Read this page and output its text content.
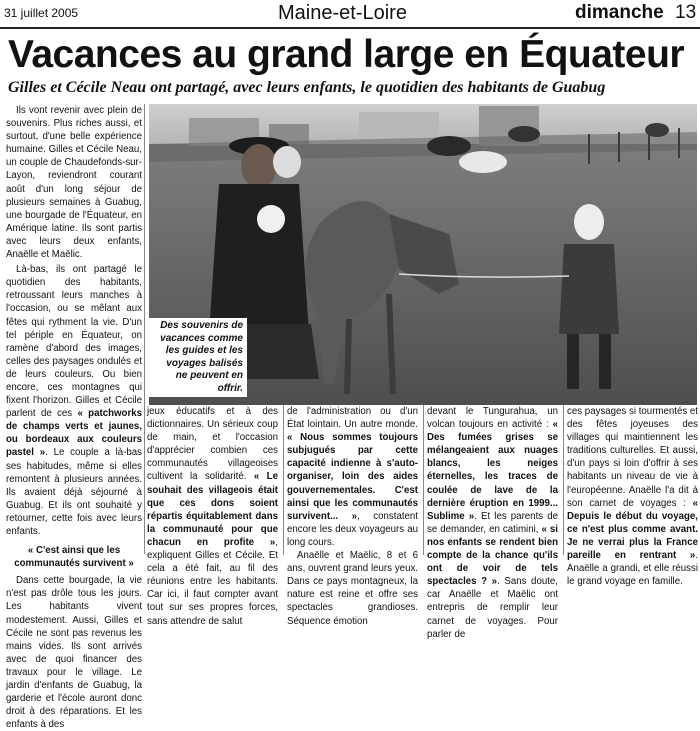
31 juillet 2005	Maine-et-Loire	dimanche 13
Vacances au grand large en Équateur
Gilles et Cécile Neau ont partagé, avec leurs enfants, le quotidien des habitants de Guabug

Ils vont revenir avec plein de souvenirs. Plus riches aussi, et surtout, d'une belle expérience humaine. Gilles et Cécile Neau, un couple de Chaudefonds-sur-Layon, reviendront courant août d'un long séjour de plusieurs semaines à Guabug, une bourgade de l'Équateur, en Amérique latine. Ils sont partis avec leurs deux enfants, Anaëlle et Maëlic.

Là-bas, ils ont partagé le quotidien des habitants, retroussant leurs manches à l'occasion, ou se mêlant aux fêtes qui rythment la vie. D'un tel périple en Équateur, on ramène d'abord des images, celles des paysages ondulés et de leurs couleurs. Ou bien encore, ces montagnes qui fixent l'horizon. Gilles et Cécile parlent de ces « patchworks de champs verts et jaunes, ou bordeaux aux couleurs pastel ». Le couple a là-bas ses habitudes, même si elles remontent à plusieurs années. Ils avaient déjà séjourné à Guabug. Et ils ont souhaité y retourner, cette fois avec leurs enfants.

« C'est ainsi que les communautés survivent »

Dans cette bourgade, la vie n'est pas drôle tous les jours. Les habitants vivent modestement. Aussi, Gilles et Cécile ne sont pas revenus les mains vides. Ils sont arrivés avec de quoi financer des travaux pour le village. Le jardin d'enfants de Guabug, la garderie et l'école auront donc droit à des réparations. Et les enfants à des

Des souvenirs de vacances comme les guides et les voyages balisés ne peuvent en offrir.

jeux éducatifs et à des dictionnaires. Un sérieux coup de main, et l'occasion d'apprécier combien ces communautés villageoises cultivent la solidarité. « Le souhait des villageois était que ces dons soient répartis équitablement dans la communauté pour que chacun en profite », expliquent Gilles et Cécile. Et cela a été fait, au fil des réunions entre les habitants. Car ici, il faut compter avant tout sur ses propres forces, sans attendre de salut

de l'administration ou d'un État lointain. Un autre monde. « Nous sommes toujours subjugués par cette capacité indienne à s'auto-organiser, loin des aides gouvernementales. C'est ainsi que les communautés survivent... », constatent encore les deux voyageurs au long cours.

Anaëlle et Maëlic, 8 et 6 ans, ouvrent grand leurs yeux. Dans ce pays montagneux, la nature est reine et offre ses spectacles grandioses. Séquence émotion

devant le Tungurahua, un volcan toujours en activité : « Des fumées grises se mélangeaient aux nuages blancs, les neiges éternelles, les traces de coulée de lave de la dernière éruption en 1999... Sublime ». Et les parents de se demander, en catimini, « si nos enfants se rendent bien compte de la chance qu'ils ont de voir de tels spectacles ? ». Sans doute, car Anaëlle et Maëlic ont entrepris de remplir leur carnet de voyages. Pour parler de

ces paysages si tourmentés et des fêtes joyeuses des villages qui maintiennent les traditions culturelles. Et aussi, d'un pays si loin d'offrir à ses habitants un niveau de vie à l'européenne. Anaëlle l'a dit à son carnet de voyages : « Depuis le début du voyage, ce n'est plus comme avant. Je ne verrai plus la France pareille en rentrant ». Anaëlle a grandi, et elle réussi le grand voyage en famille.
